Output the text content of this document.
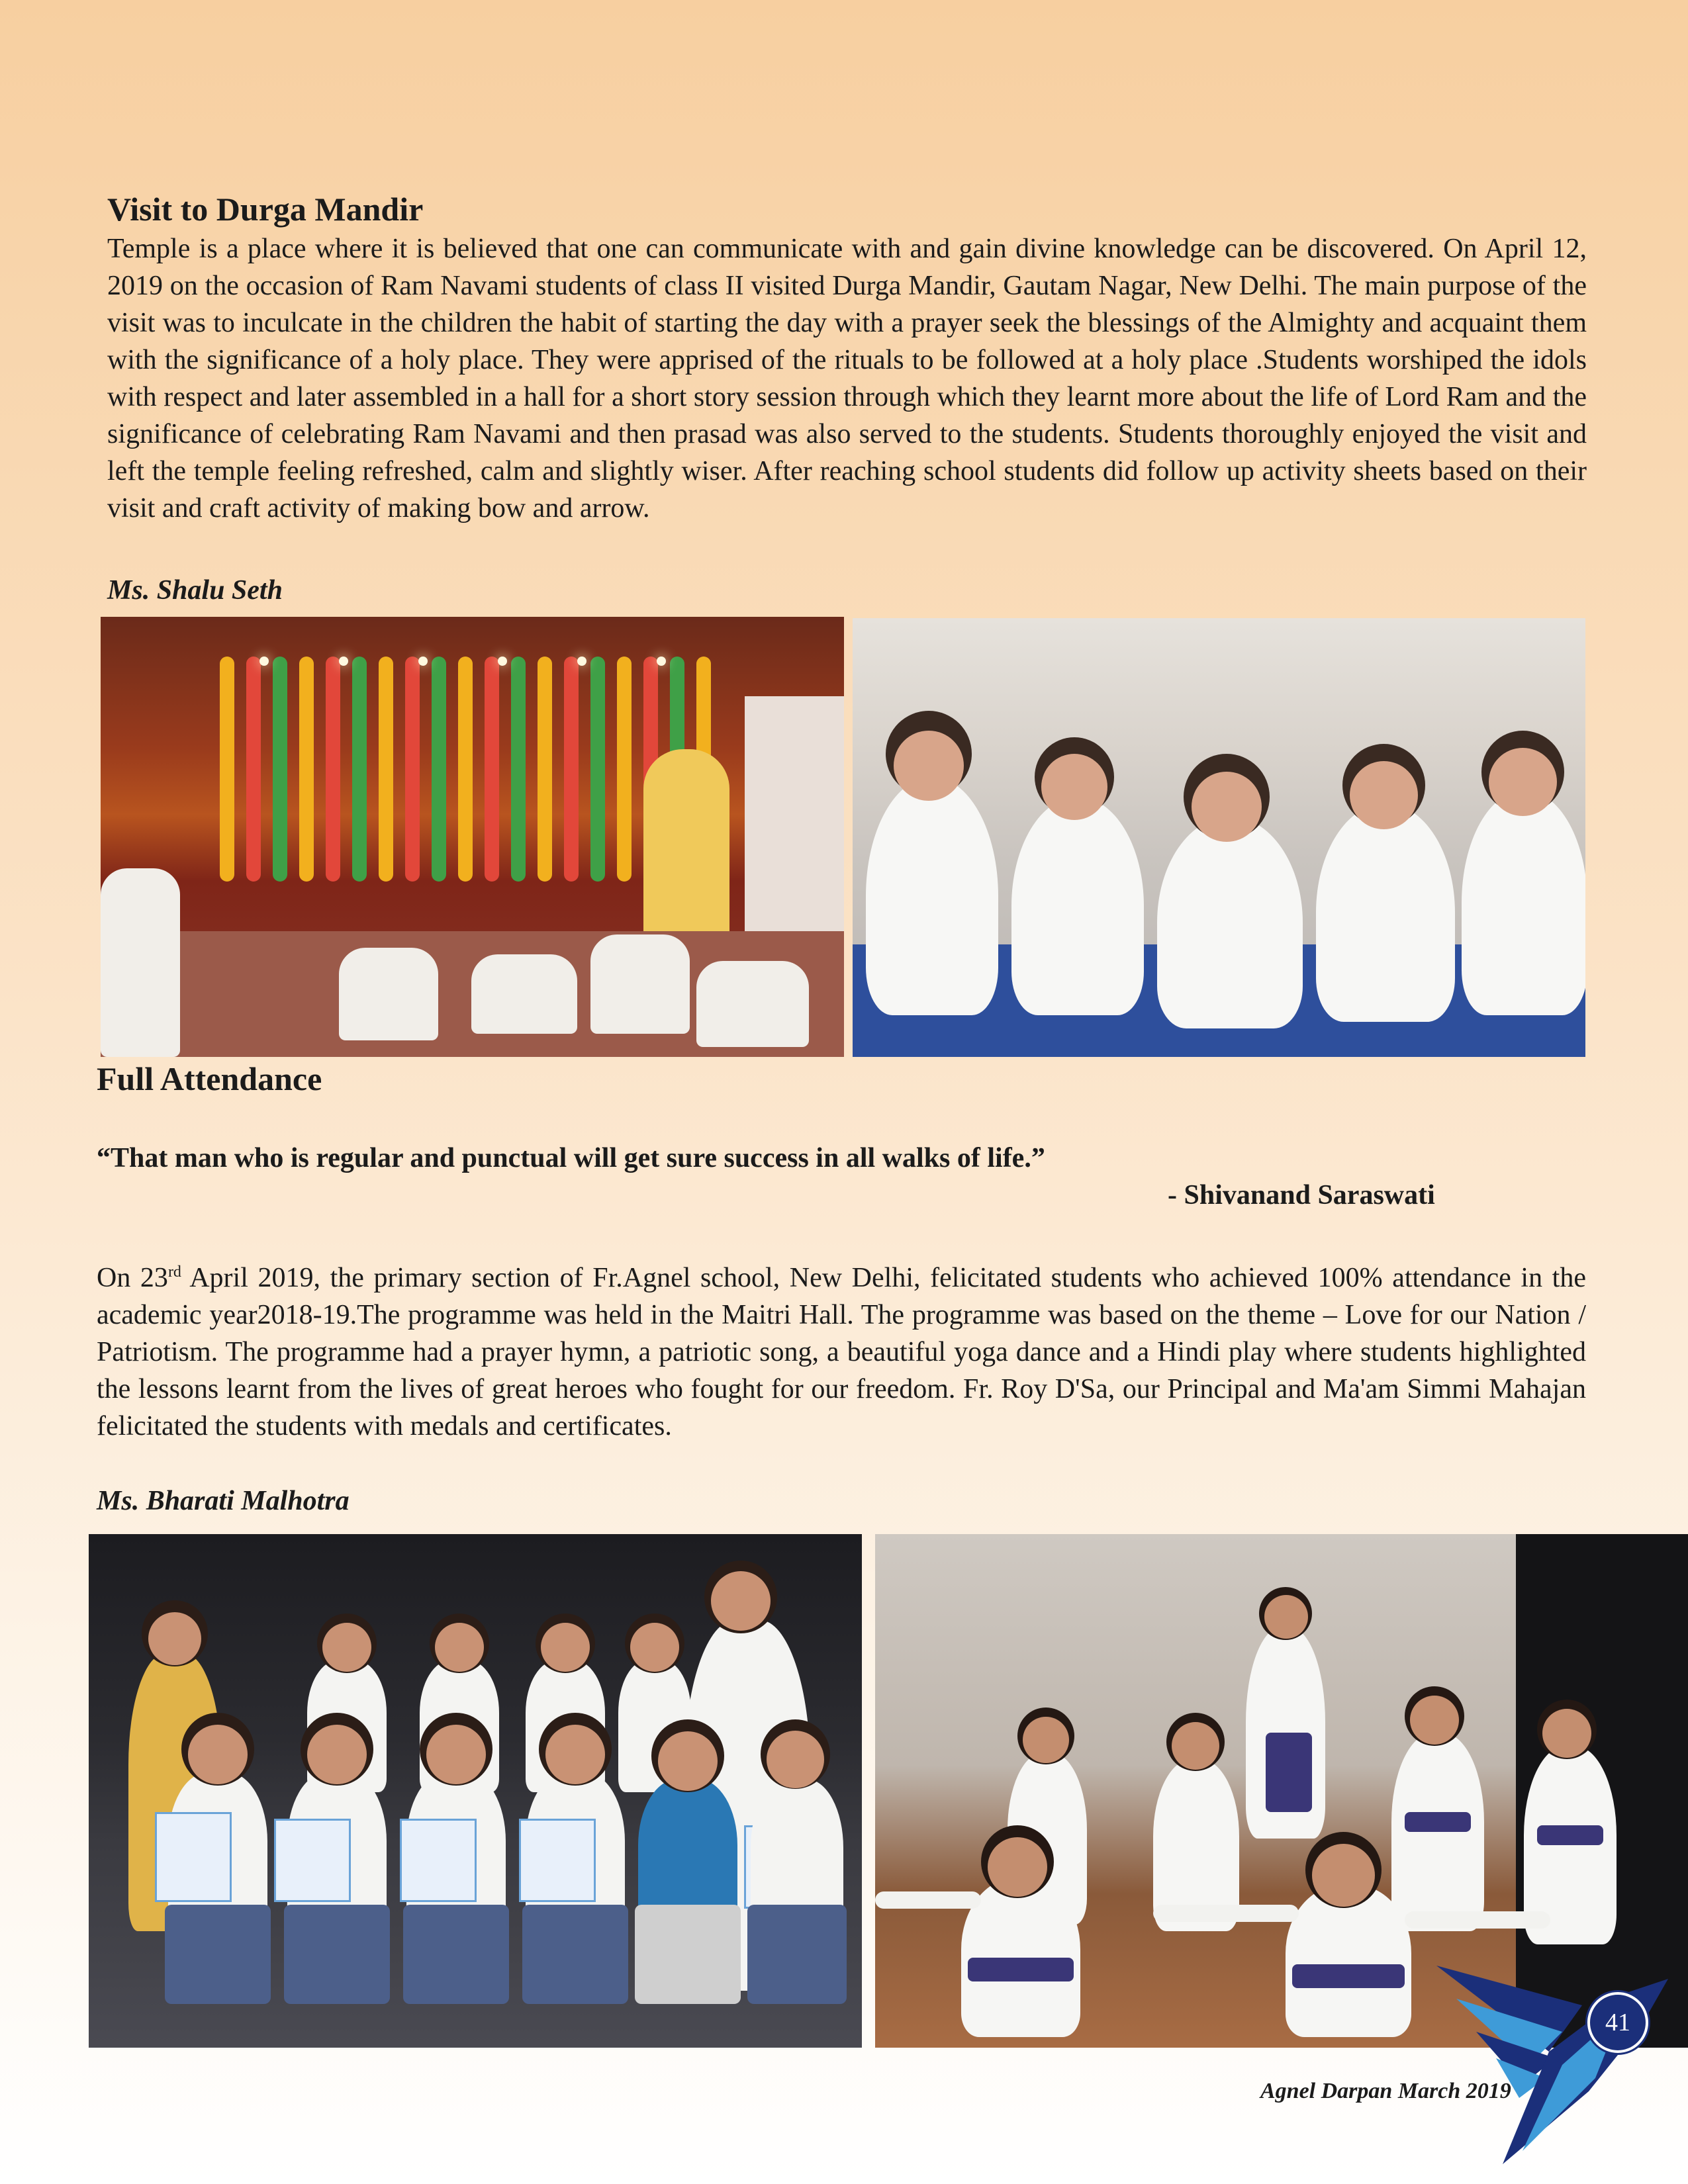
Visit to Durga Mandir

Temple is a place where it is believed that one can communicate with and gain divine knowledge can be discovered. On April 12, 2019 on the occasion of Ram Navami students of class II visited Durga Mandir, Gautam Nagar, New Delhi. The main purpose of the visit was to inculcate in the children the habit of starting the day with a prayer seek the blessings of the Almighty and acquaint them with the significance of a holy place. They were apprised of the rituals to be followed at a holy place .Students worshiped the idols with respect and later assembled in a hall for a short story session through which they learnt more about the life of Lord Ram and the significance of celebrating Ram Navami and then prasad was also served to the students. Students thoroughly enjoyed the visit and left the temple feeling refreshed, calm and slightly wiser. After reaching school students did follow up activity sheets based on their visit and craft activity of making bow and arrow.

Ms. Shalu Seth

Full Attendance

“That man who is regular and punctual will get sure success in all walks of life.”

- Shivanand Saraswati

On 23rd April 2019, the primary section of Fr.Agnel school, New Delhi, felicitated students who achieved 100% attendance in the academic year2018-19.The programme was held in the Maitri Hall. The programme was based on the theme – Love for our Nation / Patriotism. The programme had a prayer hymn, a patriotic song, a beautiful yoga dance and a Hindi play where students highlighted the lessons learnt from the lives of great heroes who fought for our freedom. Fr. Roy D'Sa, our Principal and Ma'am Simmi Mahajan felicitated the students with medals and certificates.

Ms. Bharati Malhotra

41
Agnel Darpan March 2019
